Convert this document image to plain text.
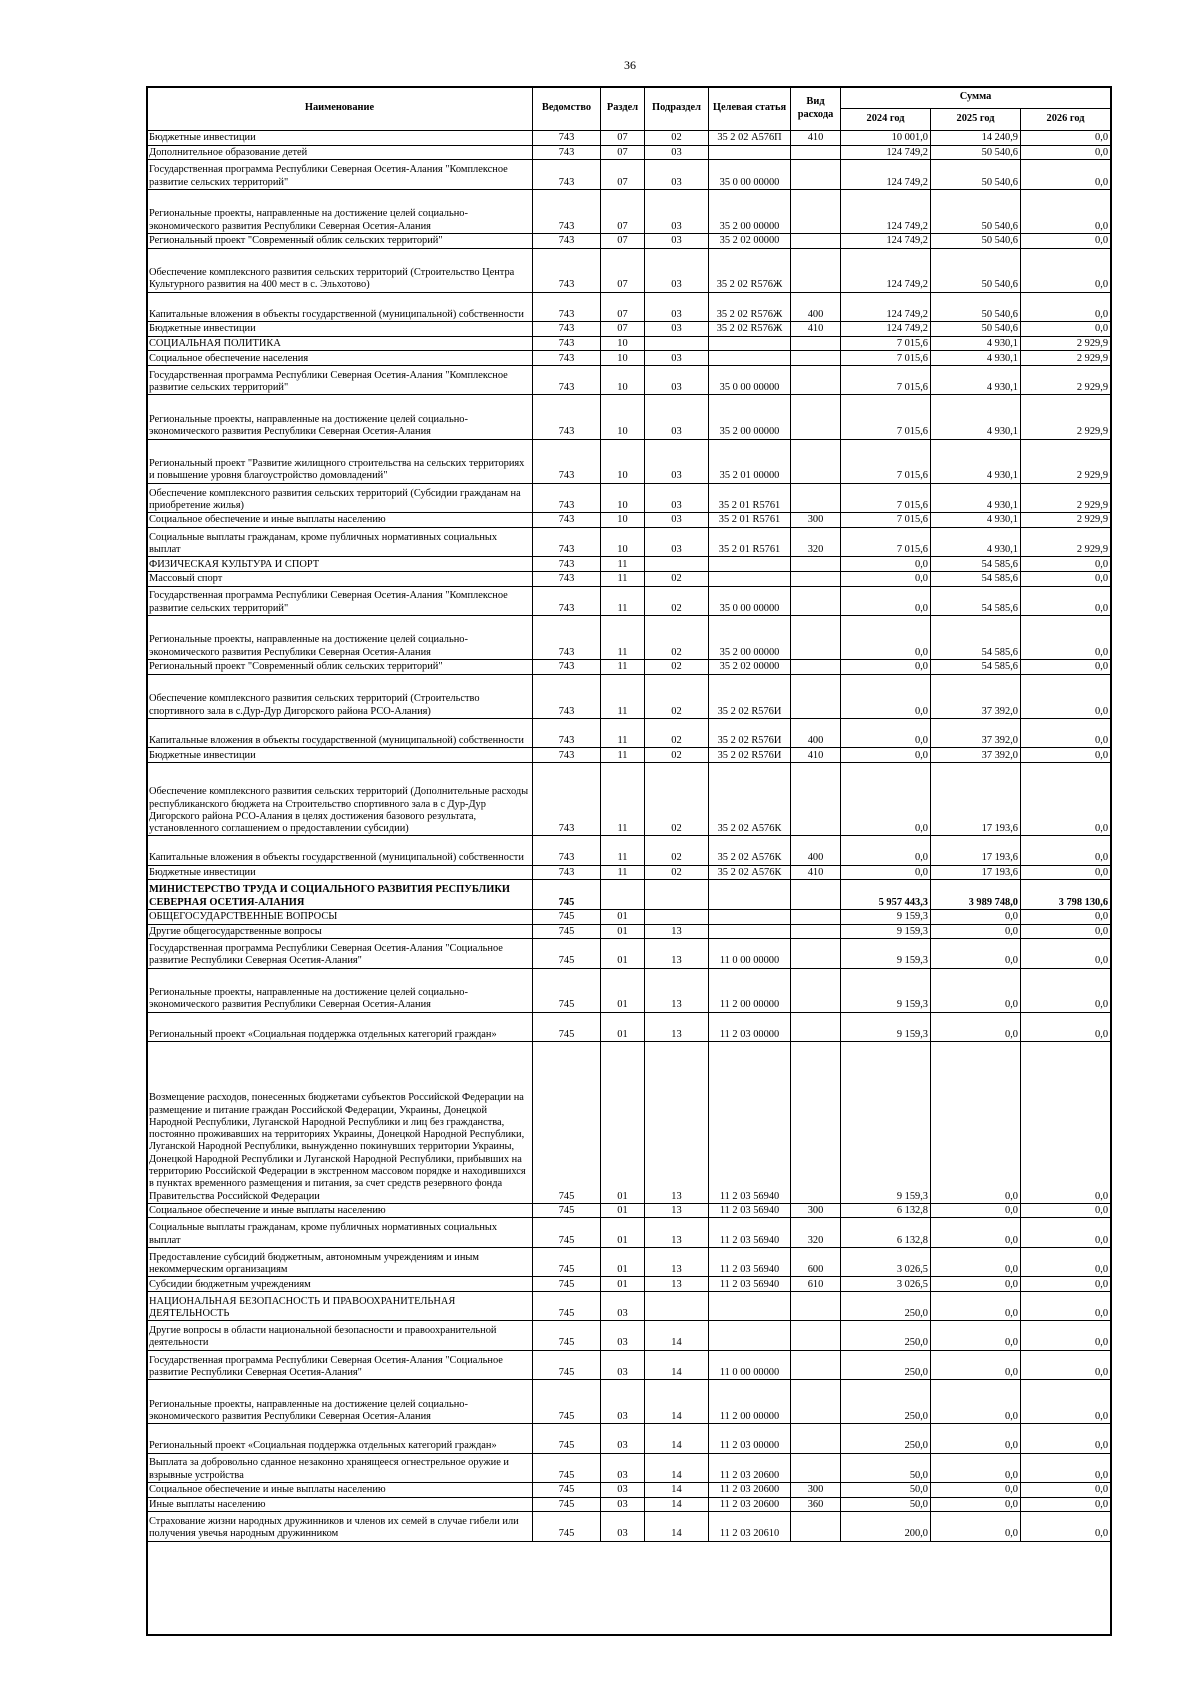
36
Наименование	Ведомство	Раздел	Подраздел	Целевая статья	Вид расхода	Сумма		
						2024 год	2025 год	2026 год
Бюджетные инвестиции	743	07	02	35 2 02 А576П	410	10 001,0	14 240,9	0,0
Дополнительное образование детей	743	07	03			124 749,2	50 540,6	0,0
Государственная программа Республики Северная Осетия-Алания "Комплексное развитие сельских территорий"	743	07	03	35 0 00 00000		124 749,2	50 540,6	0,0
Региональные проекты, направленные на достижение целей социально-экономического развития Республики Северная Осетия-Алания	743	07	03	35 2 00 00000		124 749,2	50 540,6	0,0
Региональный проект "Современный облик сельских территорий"	743	07	03	35 2 02 00000		124 749,2	50 540,6	0,0
Обеспечение комплексного развития сельских территорий (Строительство Центра Культурного развития на 400 мест в с. Эльхотово)	743	07	03	35 2 02 R576Ж		124 749,2	50 540,6	0,0
Капитальные вложения в объекты государственной (муниципальной) собственности	743	07	03	35 2 02 R576Ж	400	124 749,2	50 540,6	0,0
Бюджетные инвестиции	743	07	03	35 2 02 R576Ж	410	124 749,2	50 540,6	0,0
СОЦИАЛЬНАЯ ПОЛИТИКА	743	10				7 015,6	4 930,1	2 929,9
Социальное обеспечение населения	743	10	03			7 015,6	4 930,1	2 929,9
Государственная программа Республики Северная Осетия-Алания "Комплексное развитие сельских территорий"	743	10	03	35 0 00 00000		7 015,6	4 930,1	2 929,9
Региональные проекты, направленные на достижение целей социально-экономического развития Республики Северная Осетия-Алания	743	10	03	35 2 00 00000		7 015,6	4 930,1	2 929,9
Региональный проект "Развитие жилищного строительства на сельских территориях и повышение уровня благоустройство домовладений"	743	10	03	35 2 01 00000		7 015,6	4 930,1	2 929,9
Обеспечение комплексного развития сельских территорий (Субсидии гражданам на приобретение жилья)	743	10	03	35 2 01 R5761		7 015,6	4 930,1	2 929,9
Социальное обеспечение и иные выплаты населению	743	10	03	35 2 01 R5761	300	7 015,6	4 930,1	2 929,9
Социальные выплаты гражданам, кроме публичных нормативных социальных выплат	743	10	03	35 2 01 R5761	320	7 015,6	4 930,1	2 929,9
ФИЗИЧЕСКАЯ КУЛЬТУРА И СПОРТ	743	11				0,0	54 585,6	0,0
Массовый спорт	743	11	02			0,0	54 585,6	0,0
Государственная программа Республики Северная Осетия-Алания "Комплексное развитие сельских территорий"	743	11	02	35 0 00 00000		0,0	54 585,6	0,0
Региональные проекты, направленные на достижение целей социально-экономического развития Республики Северная Осетия-Алания	743	11	02	35 2 00 00000		0,0	54 585,6	0,0
Региональный проект "Современный облик сельских территорий"	743	11	02	35 2 02 00000		0,0	54 585,6	0,0
Обеспечение комплексного развития сельских территорий (Строительство спортивного зала в с.Дур-Дур Дигорского района РСО-Алания)	743	11	02	35 2 02 R576И		0,0	37 392,0	0,0
Капитальные вложения в объекты государственной (муниципальной) собственности	743	11	02	35 2 02 R576И	400	0,0	37 392,0	0,0
Бюджетные инвестиции	743	11	02	35 2 02 R576И	410	0,0	37 392,0	0,0
Обеспечение комплексного развития сельских территорий (Дополнительные расходы республиканского бюджета на Строительство спортивного зала в с Дур-Дур Дигорского района РСО-Алания в целях достижения базового результата, установленного соглашением о предоставлении субсидии)	743	11	02	35 2 02 А576К		0,0	17 193,6	0,0
Капитальные вложения в объекты государственной (муниципальной) собственности	743	11	02	35 2 02 А576К	400	0,0	17 193,6	0,0
Бюджетные инвестиции	743	11	02	35 2 02 А576К	410	0,0	17 193,6	0,0
МИНИСТЕРСТВО ТРУДА И СОЦИАЛЬНОГО РАЗВИТИЯ РЕСПУБЛИКИ СЕВЕРНАЯ ОСЕТИЯ-АЛАНИЯ	745					5 957 443,3	3 989 748,0	3 798 130,6
ОБЩЕГОСУДАРСТВЕННЫЕ ВОПРОСЫ	745	01				9 159,3	0,0	0,0
Другие общегосударственные вопросы	745	01	13			9 159,3	0,0	0,0
Государственная программа Республики Северная Осетия-Алания "Социальное развитие Республики Северная Осетия-Алания"	745	01	13	11 0 00 00000		9 159,3	0,0	0,0
Региональные проекты, направленные на достижение целей социально-экономического развития Республики Северная Осетия-Алания	745	01	13	11 2 00 00000		9 159,3	0,0	0,0
Региональный проект «Социальная поддержка отдельных категорий граждан»	745	01	13	11 2 03 00000		9 159,3	0,0	0,0
Возмещение расходов, понесенных бюджетами субъектов Российской Федерации на размещение и питание граждан Российской Федерации, Украины, Донецкой Народной Республики, Луганской Народной Республики и лиц без гражданства, постоянно проживавших на территориях Украины, Донецкой Народной Республики, Луганской Народной Республики, вынужденно покинувших территории Украины, Донецкой Народной Республики и Луганской Народной Республики, прибывших на территорию Российской Федерации в экстренном массовом порядке и находившихся в пунктах временного размещения и питания, за счет средств резервного фонда Правительства Российской Федерации	745	01	13	11 2 03 56940		9 159,3	0,0	0,0
Социальное обеспечение и иные выплаты населению	745	01	13	11 2 03 56940	300	6 132,8	0,0	0,0
Социальные выплаты гражданам, кроме публичных нормативных социальных выплат	745	01	13	11 2 03 56940	320	6 132,8	0,0	0,0
Предоставление субсидий бюджетным, автономным учреждениям и иным некоммерческим организациям	745	01	13	11 2 03 56940	600	3 026,5	0,0	0,0
Субсидии бюджетным учреждениям	745	01	13	11 2 03 56940	610	3 026,5	0,0	0,0
НАЦИОНАЛЬНАЯ БЕЗОПАСНОСТЬ И ПРАВООХРАНИТЕЛЬНАЯ ДЕЯТЕЛЬНОСТЬ	745	03				250,0	0,0	0,0
Другие вопросы в области национальной безопасности и правоохранительной деятельности	745	03	14			250,0	0,0	0,0
Государственная программа Республики Северная Осетия-Алания "Социальное развитие Республики Северная Осетия-Алания"	745	03	14	11 0 00 00000		250,0	0,0	0,0
Региональные проекты, направленные на достижение целей социально-экономического развития Республики Северная Осетия-Алания	745	03	14	11 2 00 00000		250,0	0,0	0,0
Региональный проект «Социальная поддержка отдельных категорий граждан»	745	03	14	11 2 03 00000		250,0	0,0	0,0
Выплата за добровольно сданное незаконно хранящееся огнестрельное оружие и взрывные устройства	745	03	14	11 2 03 20600		50,0	0,0	0,0
Социальное обеспечение и иные выплаты населению	745	03	14	11 2 03 20600	300	50,0	0,0	0,0
Иные выплаты населению	745	03	14	11 2 03 20600	360	50,0	0,0	0,0
Страхование жизни народных дружинников и членов их семей в случае гибели или получения увечья народным дружинником	745	03	14	11 2 03 20610		200,0	0,0	0,0
